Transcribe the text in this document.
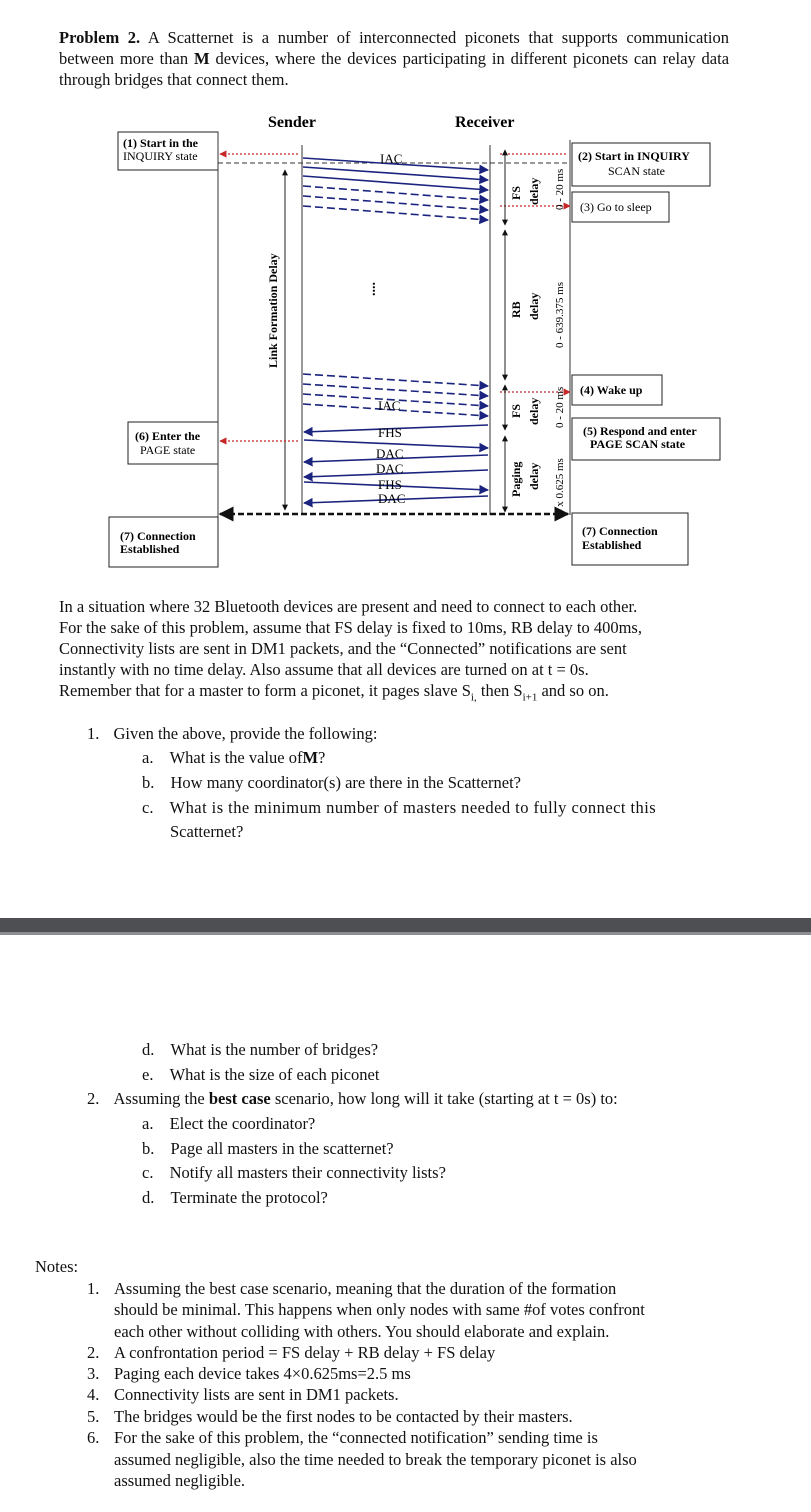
Problem 2. A Scatternet is a number of interconnected piconets that supports communication between more than M devices, where the devices participating in different piconets can relay data through bridges that connect them.
Sender	Receiver
(1) Start in the
INQUIRY state
(6) Enter the
PAGE state
(7) Connection
Established
(2) Start in INQUIRY
SCAN state
(3) Go to sleep
(4) Wake up
(5) Respond and enter
PAGE SCAN state
(7) Connection
Established
Link Formation Delay
IAC
....
FS delay 0 - 20 ms
RB delay 0 - 639.375 ms
IAC	FS delay 0 - 20 ms
FHS
DAC
DAC
FHS
DAC
Paging delay 4 x 0.625 ms
In a situation where 32 Bluetooth devices are present and need to connect to each other.
For the sake of this problem, assume that FS delay is fixed to 10ms, RB delay to 400ms,
Connectivity lists are sent in DM1 packets, and the “Connected” notifications are sent
instantly with no time delay. Also assume that all devices are turned on at t = 0s.
Remember that for a master to form a piconet, it pages slave $S_{i,}$ then $S_{i+1}$ and so on.
1. Given the above, provide the following:
a. What is the value ofM?
b. How many coordinator(s) are there in the Scatternet?
c. What is the minimum number of masters needed to fully connect this
Scatternet?
d. What is the number of bridges?
e. What is the size of each piconet
2. Assuming the best case scenario, how long will it take (starting at t = 0s) to:
a. Elect the coordinator?
b. Page all masters in the scatternet?
c. Notify all masters their connectivity lists?
d. Terminate the protocol?
Notes:
1. Assuming the best case scenario, meaning that the duration of the formation
should be minimal. This happens when only nodes with same #of votes confront
each other without colliding with others. You should elaborate and explain.
2. A confrontation period = FS delay + RB delay + FS delay
3. Paging each device takes 4×0.625ms=2.5 ms
4. Connectivity lists are sent in DM1 packets.
5. The bridges would be the first nodes to be contacted by their masters.
6. For the sake of this problem, the “connected notification” sending time is
assumed negligible, also the time needed to break the temporary piconet is also
assumed negligible.
